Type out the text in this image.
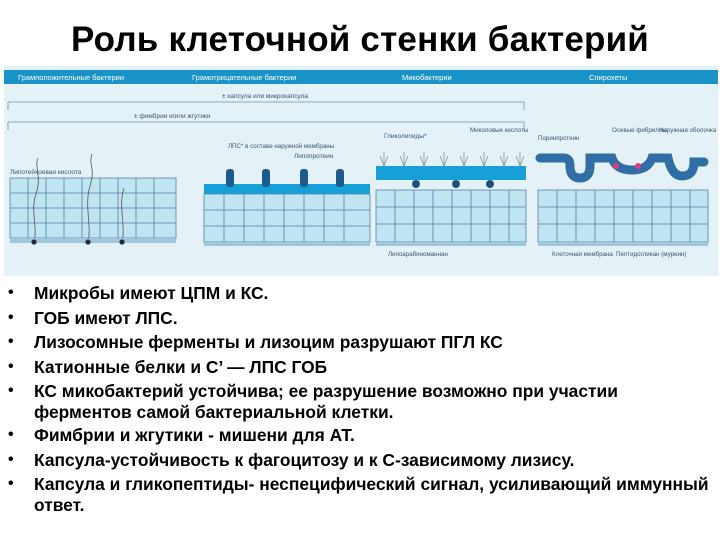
Роль клеточной стенки бактерий
Грамположительные бактерии	Грамотрицательные бактерии	Микобактерии	Спирохеты
± капсула или микрокапсула
± фимбрии и/или жгутики
Липотейхоевая кислота
ЛПС* в составе наружной мембраны
Липопротеин
Гликолипиды*
Миколовые кислоты
Поринпротеин
Осевые фибриллы
Наружная оболочка
Липоарабиноманнан	Клеточная мембрана Пептидогликан (муреин)
•	Микробы имеют ЦПМ и КС.
•	ГОБ имеют ЛПС.
•	Лизосомные ферменты и лизоцим разрушают ПГЛ КС
•	Катионные белки и С’ — ЛПС ГОБ
•	КС микобактерий устойчива; ее разрушение возможно при участии ферментов самой бактериальной клетки.
•	Фимбрии и жгутики - мишени для АТ.
•	Капсула-устойчивость к фагоцитозу и к С-зависимому лизису.
•	Капсула и гликопептиды- неспецифический сигнал, усиливающий иммунный ответ.
